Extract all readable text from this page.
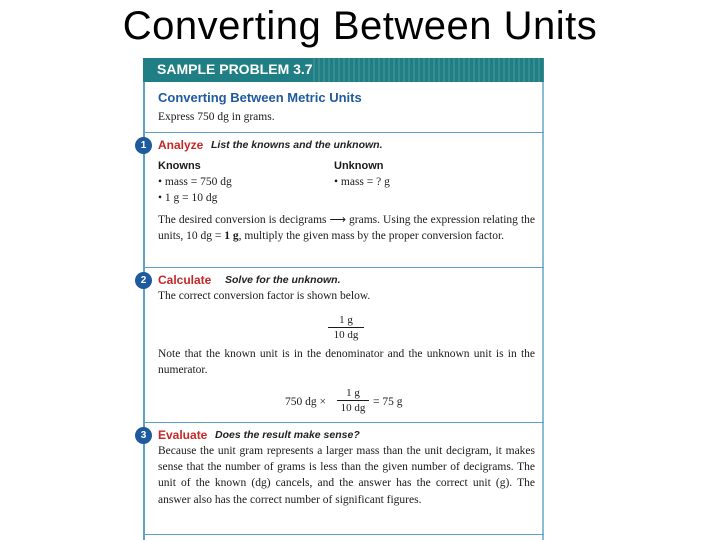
Converting Between Units
SAMPLE PROBLEM 3.7
Converting Between Metric Units
Express 750 dg in grams.
1 Analyze List the knowns and the unknown.
Knowns
• mass = 750 dg
• 1 g = 10 dg
Unknown
• mass = ? g
The desired conversion is decigrams ⟶ grams. Using the expression relating the units, 10 dg = 1 g, multiply the given mass by the proper conversion factor.
2 Calculate Solve for the unknown.
The correct conversion factor is shown below.
1 g
10 dg
Note that the known unit is in the denominator and the unknown unit is in the numerator.
750 dg ×
1 g
10 dg = 75 g
3 Evaluate Does the result make sense?
Because the unit gram represents a larger mass than the unit decigram, it makes sense that the number of grams is less than the given number of decigrams. The unit of the known (dg) cancels, and the answer has the correct unit (g). The answer also has the correct number of significant figures.
